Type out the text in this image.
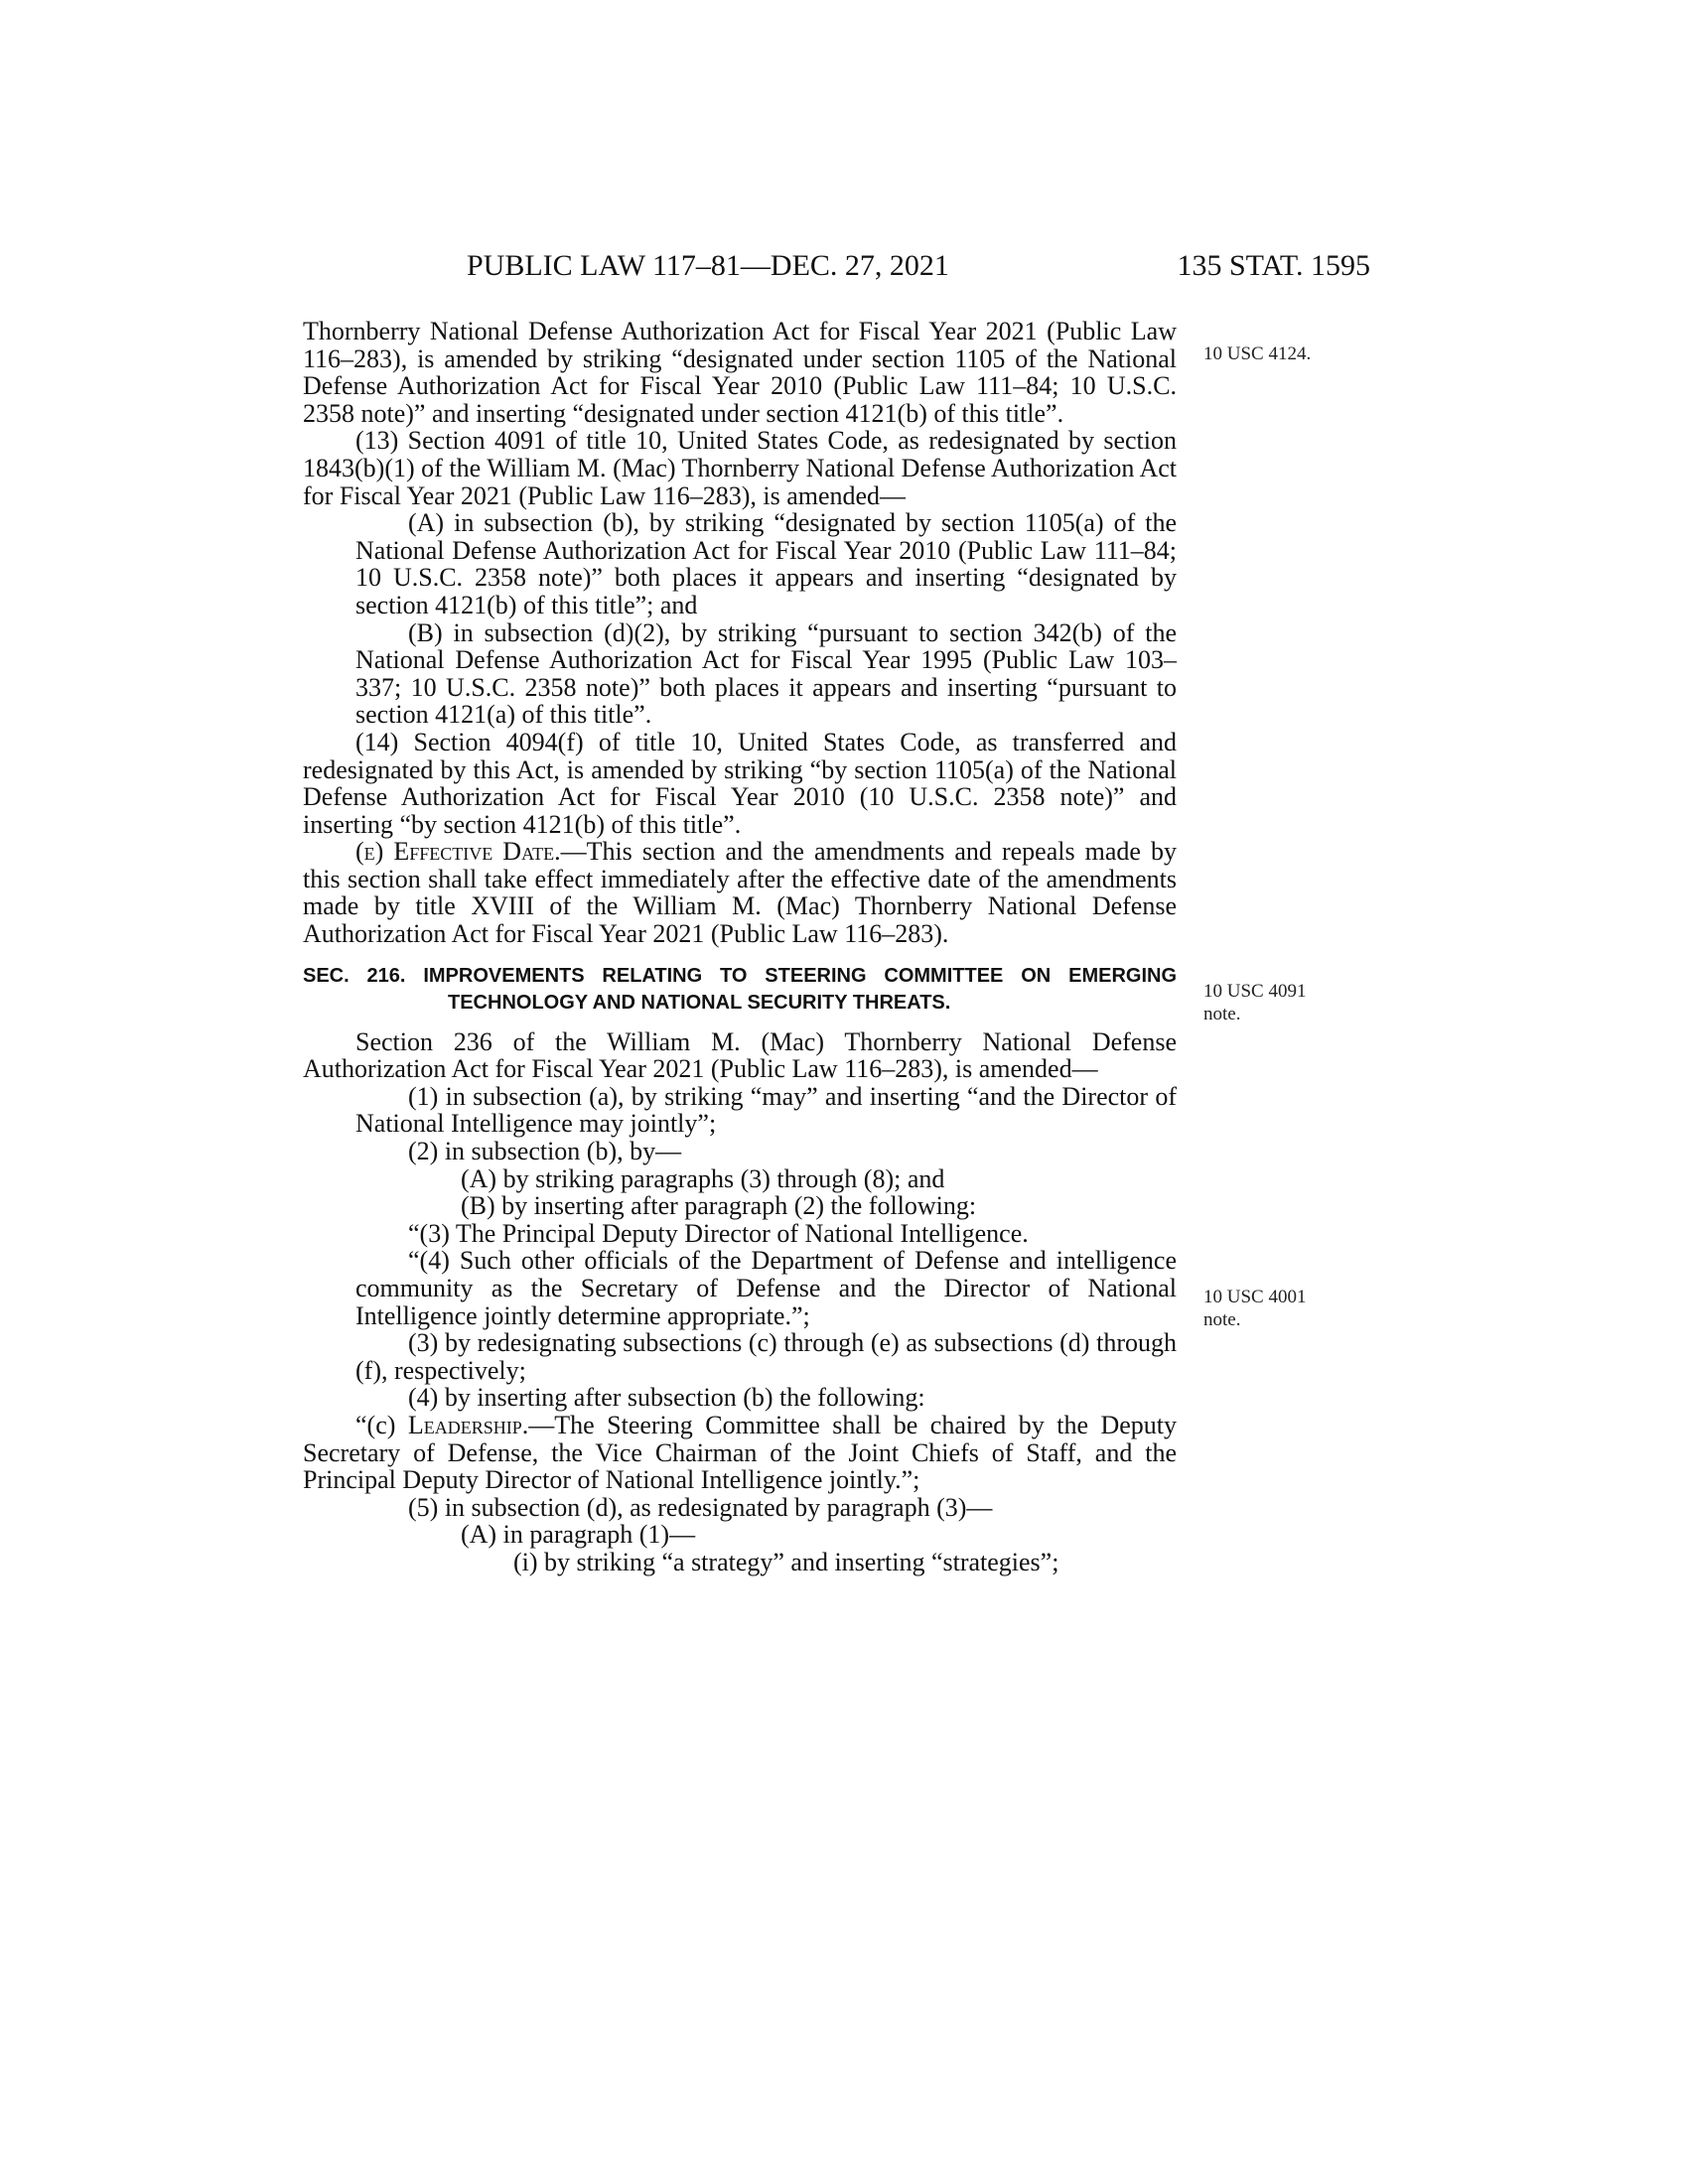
PUBLIC LAW 117–81—DEC. 27, 2021	135 STAT. 1595
10 USC 4124.
10 USC 4091
note.
10 USC 4001
note.

Thornberry National Defense Authorization Act for Fiscal Year 2021 (Public Law 116–283), is amended by striking “designated under section 1105 of the National Defense Authorization Act for Fiscal Year 2010 (Public Law 111–84; 10 U.S.C. 2358 note)” and inserting “designated under section 4121(b) of this title”.

(13) Section 4091 of title 10, United States Code, as redesignated by section 1843(b)(1) of the William M. (Mac) Thornberry National Defense Authorization Act for Fiscal Year 2021 (Public Law 116–283), is amended—

(A) in subsection (b), by striking “designated by section 1105(a) of the National Defense Authorization Act for Fiscal Year 2010 (Public Law 111–84; 10 U.S.C. 2358 note)” both places it appears and inserting “designated by section 4121(b) of this title”; and

(B) in subsection (d)(2), by striking “pursuant to section 342(b) of the National Defense Authorization Act for Fiscal Year 1995 (Public Law 103–337; 10 U.S.C. 2358 note)” both places it appears and inserting “pursuant to section 4121(a) of this title”.

(14) Section 4094(f) of title 10, United States Code, as transferred and redesignated by this Act, is amended by striking “by section 1105(a) of the National Defense Authorization Act for Fiscal Year 2010 (10 U.S.C. 2358 note)” and inserting “by section 4121(b) of this title”.

(e) Effective Date.—This section and the amendments and repeals made by this section shall take effect immediately after the effective date of the amendments made by title XVIII of the William M. (Mac) Thornberry National Defense Authorization Act for Fiscal Year 2021 (Public Law 116–283).

SEC. 216. IMPROVEMENTS RELATING TO STEERING COMMITTEE ON EMERGING TECHNOLOGY AND NATIONAL SECURITY THREATS.

Section 236 of the William M. (Mac) Thornberry National Defense Authorization Act for Fiscal Year 2021 (Public Law 116–283), is amended—

(1) in subsection (a), by striking “may” and inserting “and the Director of National Intelligence may jointly”;

(2) in subsection (b), by—

(A) by striking paragraphs (3) through (8); and

(B) by inserting after paragraph (2) the following:

“(3) The Principal Deputy Director of National Intelligence.

“(4) Such other officials of the Department of Defense and intelligence community as the Secretary of Defense and the Director of National Intelligence jointly determine appropriate.”;

(3) by redesignating subsections (c) through (e) as subsections (d) through (f), respectively;

(4) by inserting after subsection (b) the following:

“(c) Leadership.—The Steering Committee shall be chaired by the Deputy Secretary of Defense, the Vice Chairman of the Joint Chiefs of Staff, and the Principal Deputy Director of National Intelligence jointly.”;

(5) in subsection (d), as redesignated by paragraph (3)—

(A) in paragraph (1)—

(i) by striking “a strategy” and inserting “strategies”;
